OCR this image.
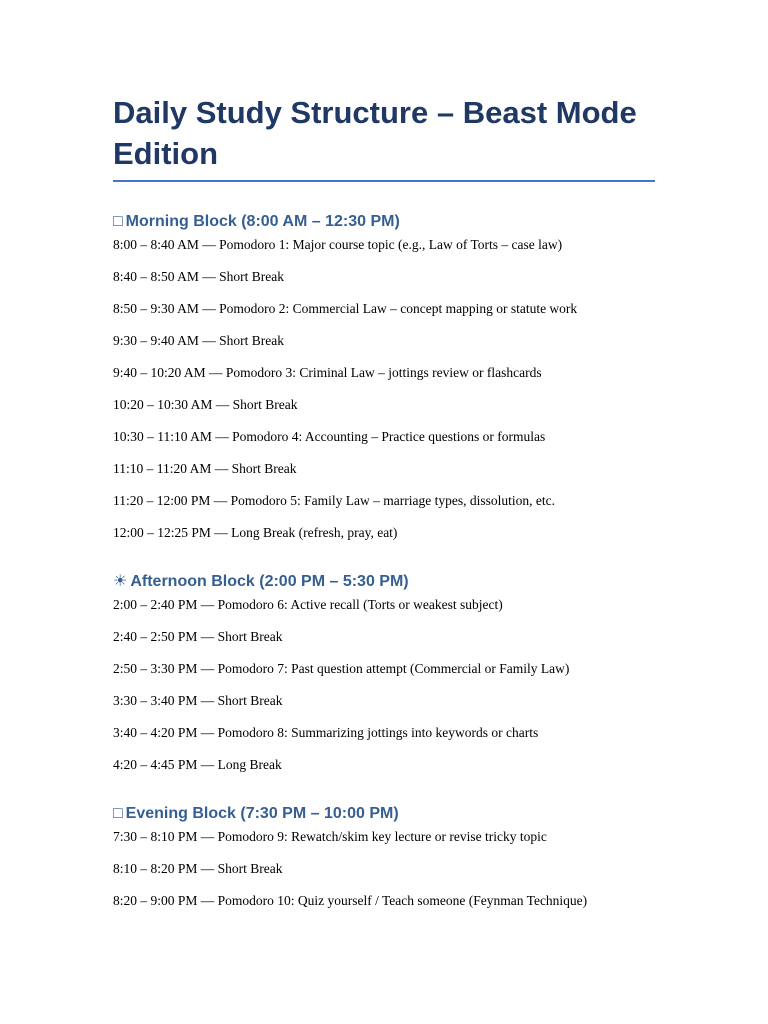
Daily Study Structure – Beast Mode Edition
□ Morning Block (8:00 AM – 12:30 PM)
8:00 – 8:40 AM — Pomodoro 1: Major course topic (e.g., Law of Torts – case law)
8:40 – 8:50 AM — Short Break
8:50 – 9:30 AM — Pomodoro 2: Commercial Law – concept mapping or statute work
9:30 – 9:40 AM — Short Break
9:40 – 10:20 AM — Pomodoro 3: Criminal Law – jottings review or flashcards
10:20 – 10:30 AM — Short Break
10:30 – 11:10 AM — Pomodoro 4: Accounting – Practice questions or formulas
11:10 – 11:20 AM — Short Break
11:20 – 12:00 PM — Pomodoro 5: Family Law – marriage types, dissolution, etc.
12:00 – 12:25 PM — Long Break (refresh, pray, eat)
☀ Afternoon Block (2:00 PM – 5:30 PM)
2:00 – 2:40 PM — Pomodoro 6: Active recall (Torts or weakest subject)
2:40 – 2:50 PM — Short Break
2:50 – 3:30 PM — Pomodoro 7: Past question attempt (Commercial or Family Law)
3:30 – 3:40 PM — Short Break
3:40 – 4:20 PM — Pomodoro 8: Summarizing jottings into keywords or charts
4:20 – 4:45 PM — Long Break
□ Evening Block (7:30 PM – 10:00 PM)
7:30 – 8:10 PM — Pomodoro 9: Rewatch/skim key lecture or revise tricky topic
8:10 – 8:20 PM — Short Break
8:20 – 9:00 PM — Pomodoro 10: Quiz yourself / Teach someone (Feynman Technique)
